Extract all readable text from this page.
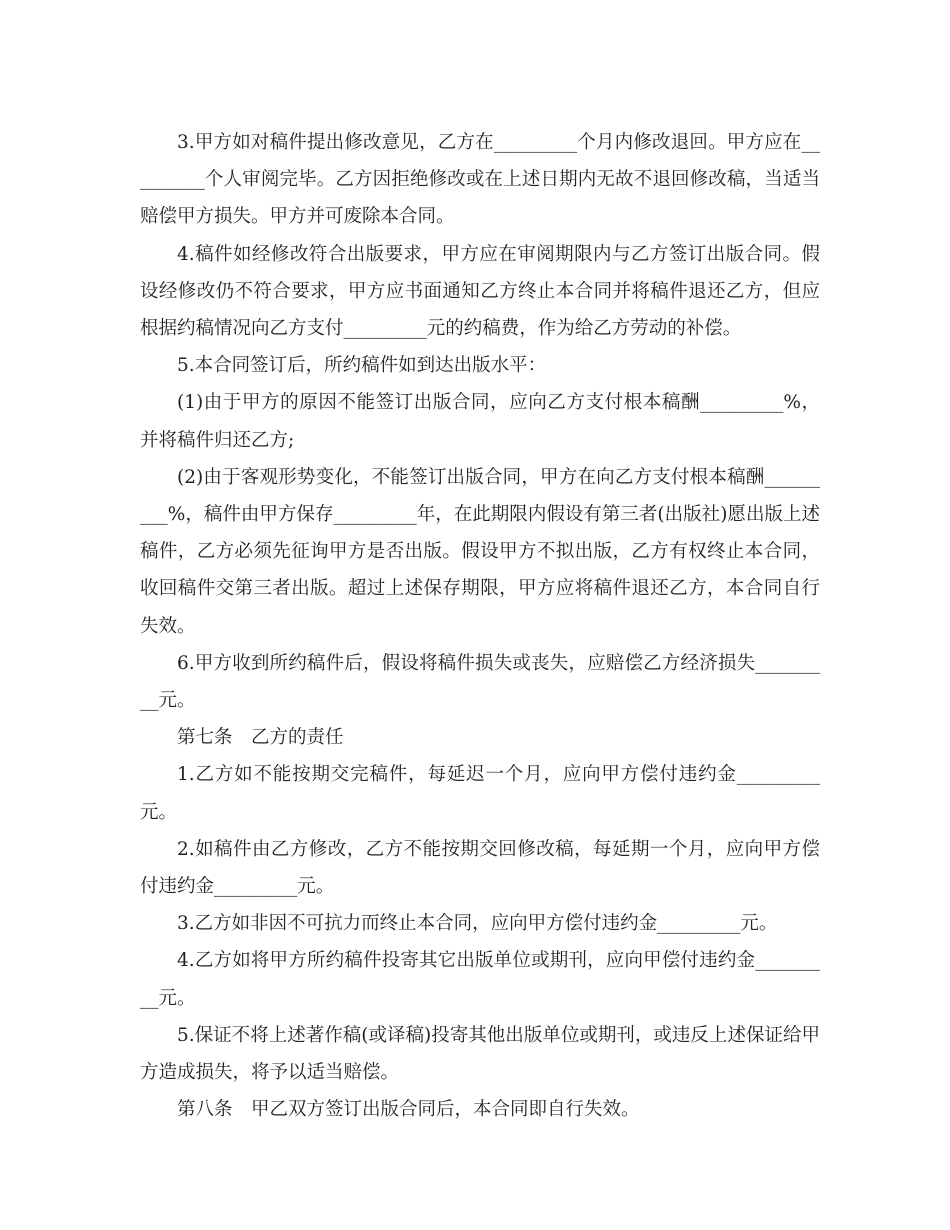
3.甲方如对稿件提出修改意见，乙方在_________个月内修改退回。甲方应在_________个人审阅完毕。乙方因拒绝修改或在上述日期内无故不退回修改稿，当适当赔偿甲方损失。甲方并可废除本合同。

4.稿件如经修改符合出版要求，甲方应在审阅期限内与乙方签订出版合同。假设经修改仍不符合要求，甲方应书面通知乙方终止本合同并将稿件退还乙方，但应根据约稿情况向乙方支付_________元的约稿费，作为给乙方劳动的补偿。

5.本合同签订后，所约稿件如到达出版水平：

(1)由于甲方的原因不能签订出版合同，应向乙方支付根本稿酬_________%，并将稿件归还乙方;

(2)由于客观形势变化，不能签订出版合同，甲方在向乙方支付根本稿酬_________%，稿件由甲方保存_________年，在此期限内假设有第三者(出版社)愿出版上述稿件，乙方必须先征询甲方是否出版。假设甲方不拟出版，乙方有权终止本合同，收回稿件交第三者出版。超过上述保存期限，甲方应将稿件退还乙方，本合同自行失效。

6.甲方收到所约稿件后，假设将稿件损失或丧失，应赔偿乙方经济损失_________元。

第七条　乙方的责任

1.乙方如不能按期交完稿件，每延迟一个月，应向甲方偿付违约金_________元。

2.如稿件由乙方修改，乙方不能按期交回修改稿，每延期一个月，应向甲方偿付违约金_________元。

3.乙方如非因不可抗力而终止本合同，应向甲方偿付违约金_________元。

4.乙方如将甲方所约稿件投寄其它出版单位或期刊，应向甲偿付违约金_________元。

5.保证不将上述著作稿(或译稿)投寄其他出版单位或期刊，或违反上述保证给甲方造成损失，将予以适当赔偿。

第八条　甲乙双方签订出版合同后，本合同即自行失效。
